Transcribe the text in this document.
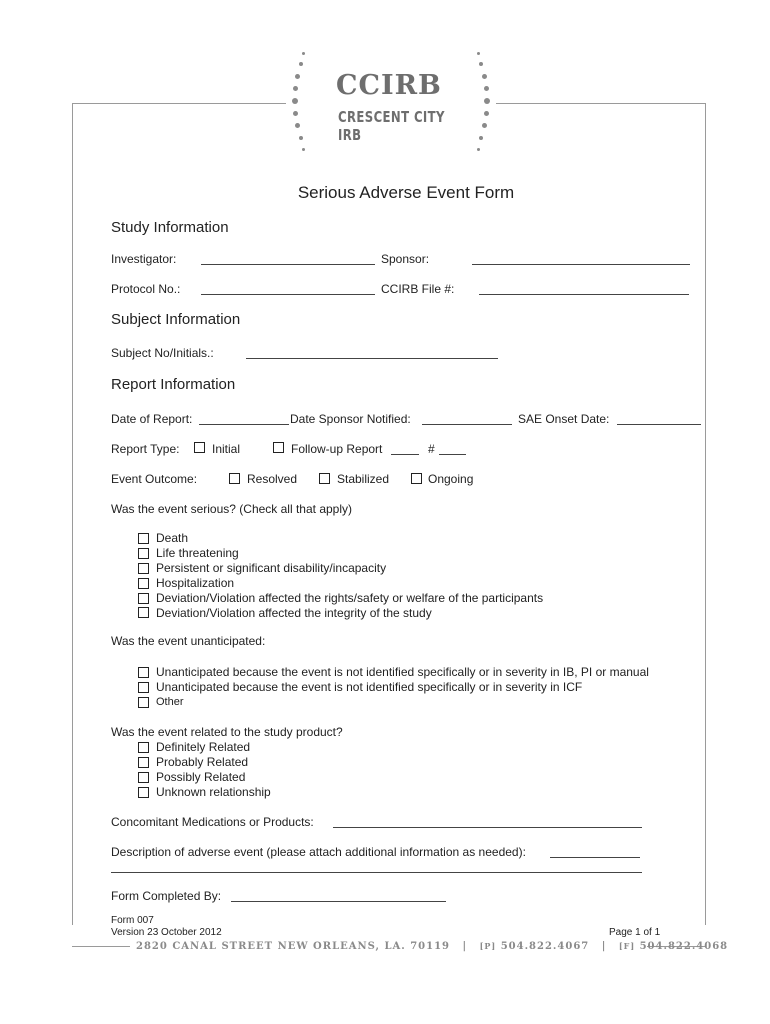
CCIRB
CRESCENT CITY IRB
Serious Adverse Event Form
Study Information
Investigator:	Sponsor:
Protocol No.:	CCIRB File #:
Subject Information
Subject No/Initials.:
Report Information
Date of Report:	Date Sponsor Notified:	SAE Onset Date:
Report Type:	Initial	Follow-up Report	#
Event Outcome:	Resolved	Stabilized	Ongoing
Was the event serious? (Check all that apply)
Death
Life threatening
Persistent or significant disability/incapacity
Hospitalization
Deviation/Violation affected the rights/safety or welfare of the participants
Deviation/Violation affected the integrity of the study
Was the event unanticipated:
Unanticipated because the event is not identified specifically or in severity in IB, PI or manual
Unanticipated because the event is not identified specifically or in severity in ICF
Other
Was the event related to the study product?
Definitely Related
Probably Related
Possibly Related
Unknown relationship
Concomitant Medications or Products:
Description of adverse event (please attach additional information as needed):
Form Completed By:
Form 007
Version 23 October 2012	Page 1 of 1
2820 CANAL STREET NEW ORLEANS, LA. 70119 | [P] 504.822.4067 | [F] 504.822.4068
